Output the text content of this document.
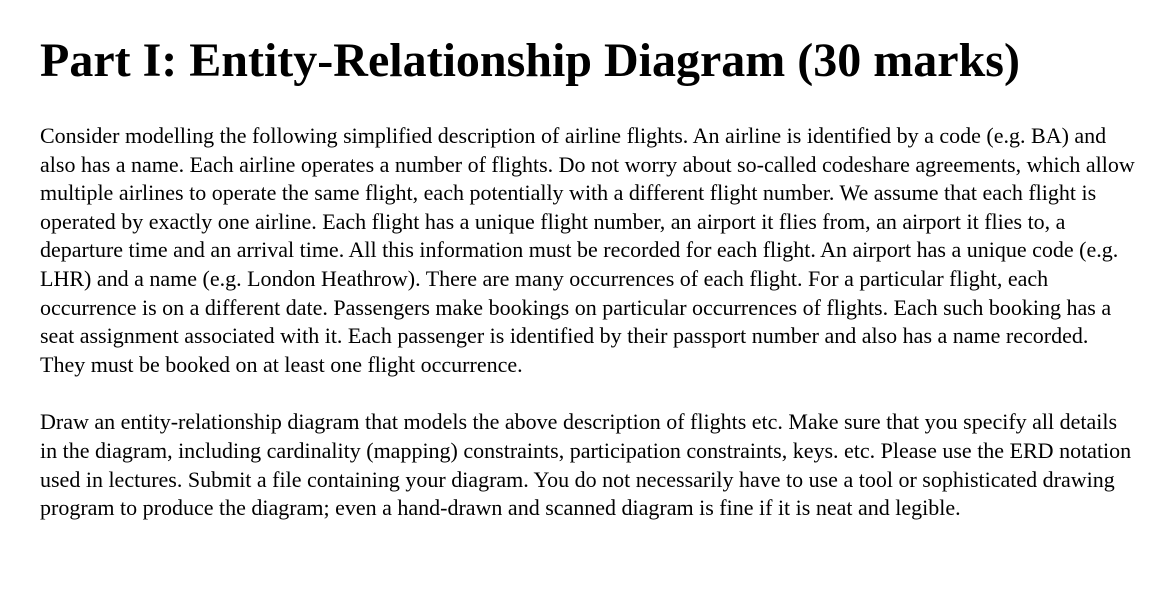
Part I: Entity-Relationship Diagram (30 marks)

Consider modelling the following simplified description of airline flights. An airline is identified by a code (e.g. BA) and also has a name. Each airline operates a number of flights. Do not worry about so-called codeshare agreements, which allow multiple airlines to operate the same flight, each potentially with a different flight number. We assume that each flight is operated by exactly one airline. Each flight has a unique flight number, an airport it flies from, an airport it flies to, a departure time and an arrival time. All this information must be recorded for each flight. An airport has a unique code (e.g. LHR) and a name (e.g. London Heathrow). There are many occurrences of each flight. For a particular flight, each occurrence is on a different date. Passengers make bookings on particular occurrences of flights. Each such booking has a seat assignment associated with it. Each passenger is identified by their passport number and also has a name recorded. They must be booked on at least one flight occurrence.

Draw an entity-relationship diagram that models the above description of flights etc. Make sure that you specify all details in the diagram, including cardinality (mapping) constraints, participation constraints, keys. etc. Please use the ERD notation used in lectures. Submit a file containing your diagram. You do not necessarily have to use a tool or sophisticated drawing program to produce the diagram; even a hand-drawn and scanned diagram is fine if it is neat and legible.
